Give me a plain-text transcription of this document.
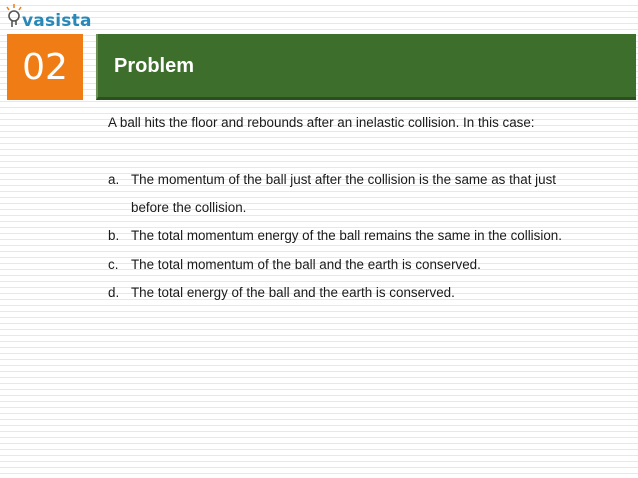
vasista
02	Problem
A ball hits the floor and rebounds after an inelastic collision. In this case:
a. The momentum of the ball just after the collision is the same as that just
before the collision.
b. The total momentum energy of the ball remains the same in the collision.
c. The total momentum of the ball and the earth is conserved.
d. The total energy of the ball and the earth is conserved.
